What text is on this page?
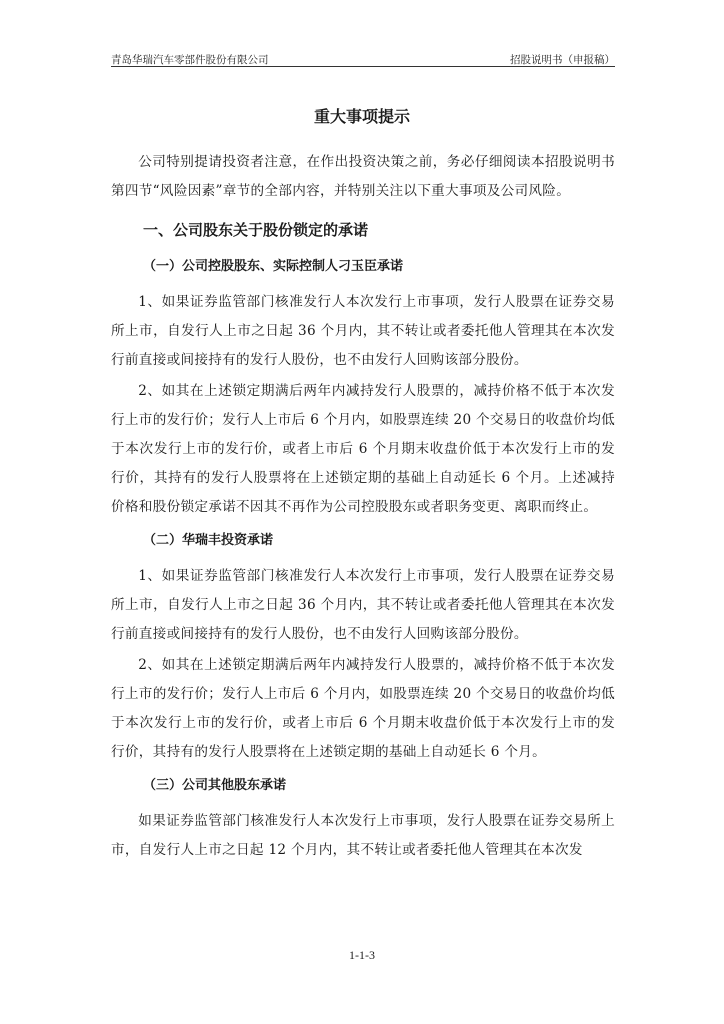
青岛华瑞汽车零部件股份有限公司	招股说明书（申报稿）
重大事项提示

公司特别提请投资者注意，在作出投资决策之前，务必仔细阅读本招股说明书第四节“风险因素”章节的全部内容，并特别关注以下重大事项及公司风险。

一、公司股东关于股份锁定的承诺
（一）公司控股股东、实际控制人刁玉臣承诺

1、如果证券监管部门核准发行人本次发行上市事项，发行人股票在证券交易所上市，自发行人上市之日起 36 个月内，其不转让或者委托他人管理其在本次发行前直接或间接持有的发行人股份，也不由发行人回购该部分股份。

2、如其在上述锁定期满后两年内减持发行人股票的，减持价格不低于本次发行上市的发行价；发行人上市后 6 个月内，如股票连续 20 个交易日的收盘价均低于本次发行上市的发行价，或者上市后 6 个月期末收盘价低于本次发行上市的发行价，其持有的发行人股票将在上述锁定期的基础上自动延长 6 个月。上述减持价格和股份锁定承诺不因其不再作为公司控股股东或者职务变更、离职而终止。

（二）华瑞丰投资承诺

1、如果证券监管部门核准发行人本次发行上市事项，发行人股票在证券交易所上市，自发行人上市之日起 36 个月内，其不转让或者委托他人管理其在本次发行前直接或间接持有的发行人股份，也不由发行人回购该部分股份。

2、如其在上述锁定期满后两年内减持发行人股票的，减持价格不低于本次发行上市的发行价；发行人上市后 6 个月内，如股票连续 20 个交易日的收盘价均低于本次发行上市的发行价，或者上市后 6 个月期末收盘价低于本次发行上市的发行价，其持有的发行人股票将在上述锁定期的基础上自动延长 6 个月。

（三）公司其他股东承诺

如果证券监管部门核准发行人本次发行上市事项，发行人股票在证券交易所上市，自发行人上市之日起 12 个月内，其不转让或者委托他人管理其在本次发

1-1-3
